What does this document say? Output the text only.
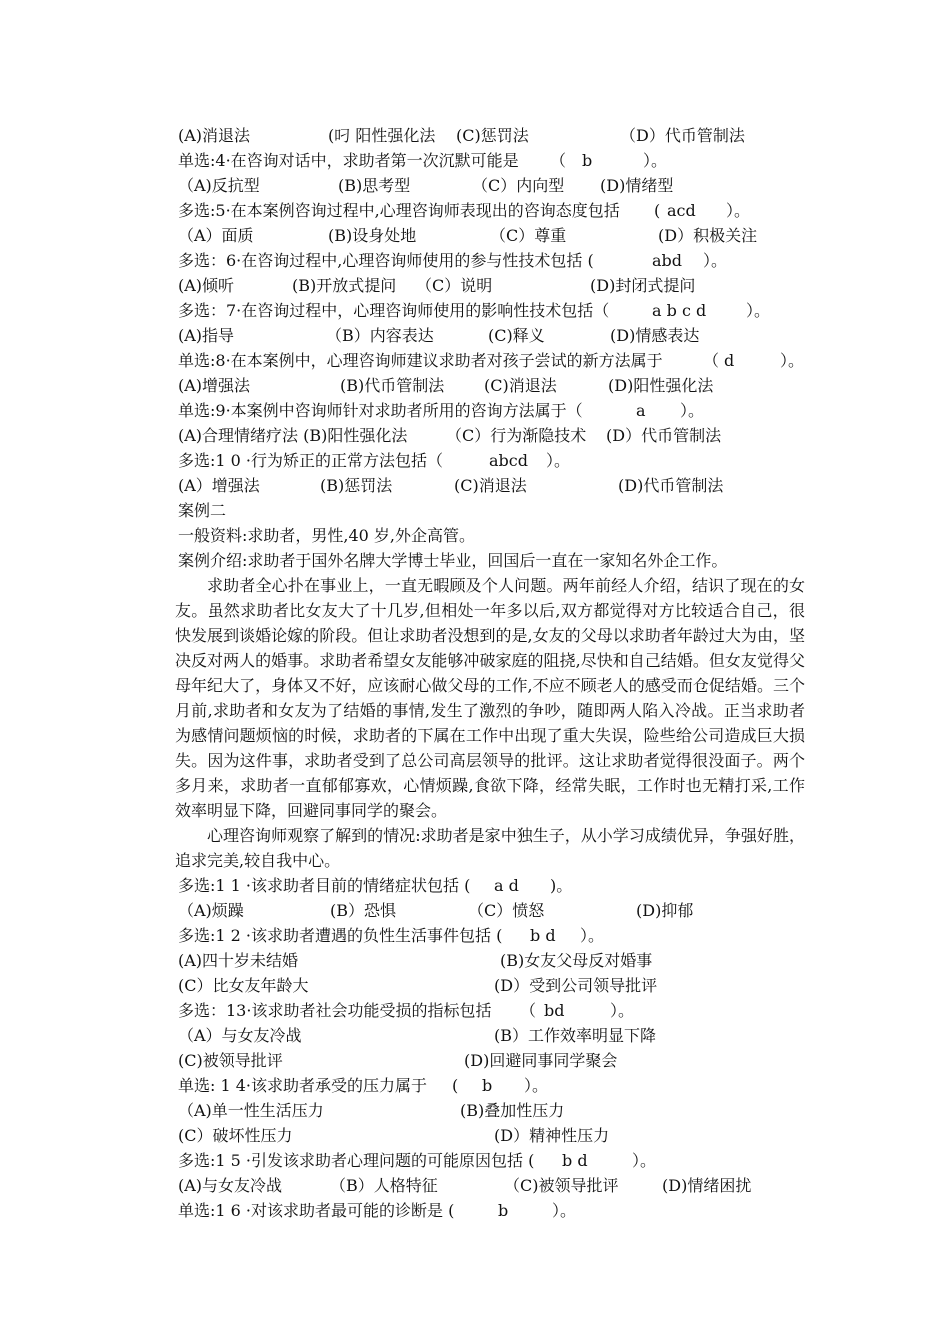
(A)消退法	(叼 阳性强化法 (C)惩罚法	（D）代币管制法
单选:4·在咨询对话中，求助者第一次沉默可能是 （ b	）。
（A)反抗型	(B)思考型	（C）内向型 (D)情绪型
多选:5·在本案例咨询过程中,心理咨询师表现出的咨询态度包括 ( acd ）。
（A）面质	(B)设身处地	（C）尊重	(D）积极关注
多选：6·在咨询过程中,心理咨询师使用的参与性技术包括 (	abd ）。
(A)倾听	(B)开放式提问 （C）说明	(D)封闭式提问
多选：7·在咨询过程中，心理咨询师使用的影响性技术包括（	a b c d ）。
(A)指导	（B）内容表达	(C)释义	(D)情感表达
单选:8·在本案例中，心理咨询师建议求助者对孩子尝试的新方法属于	（ d	）。
(A)增强法	(B)代币管制法 (C)消退法	(D)阳性强化法
单选:9·本案例中咨询师针对求助者所用的咨询方法属于（	a ）。
(A)合理情绪疗法 (B)阳性强化法 （C）行为渐隐技术 (D）代币管制法
多选:1 0 ·行为矫正的正常方法包括（	abcd ）。
(A）增强法	(B)惩罚法	(C)消退法	(D)代币管制法
案例二
一般资料:求助者，男性,40 岁,外企高管。
案例介绍:求助者于国外名牌大学博士毕业，回国后一直在一家知名外企工作。
求助者全心扑在事业上，一直无暇顾及个人问题。两年前经人介绍，结识了现在的女友。虽然求助者比女友大了十几岁,但相处一年多以后,双方都觉得对方比较适合自己，很快发展到谈婚论嫁的阶段。但让求助者没想到的是,女友的父母以求助者年龄过大为由，坚决反对两人的婚事。求助者希望女友能够冲破家庭的阻挠,尽快和自己结婚。但女友觉得父母年纪大了，身体又不好，应该耐心做父母的工作,不应不顾老人的感受而仓促结婚。三个月前,求助者和女友为了结婚的事情,发生了激烈的争吵，随即两人陷入冷战。正当求助者为感情问题烦恼的时候，求助者的下属在工作中出现了重大失误，险些给公司造成巨大损失。因为这件事，求助者受到了总公司高层领导的批评。这让求助者觉得很没面子。两个多月来，求助者一直郁郁寡欢，心情烦躁,食欲下降，经常失眠，工作时也无精打采,工作效率明显下降，回避同事同学的聚会。
心理咨询师观察了解到的情况:求助者是家中独生子，从小学习成绩优异，争强好胜，追求完美,较自我中心。
多选:1 1 ·该求助者目前的情绪症状包括 ( a d )。
（A)烦躁	(B）恐惧	（C）愤怒	(D)抑郁
多选:1 2 ·该求助者遭遇的负性生活事件包括 ( b d ）。
(A)四十岁未结婚	(B)女友父母反对婚事
(C）比女友年龄大	(D）受到公司领导批评
多选：13·该求助者社会功能受损的指标包括 （ bd	）。
（A）与女友冷战	(B）工作效率明显下降
(C)被领导批评	(D)回避同事同学聚会
单选: 1 4·该求助者承受的压力属于 ( b ）。
（A)单一性生活压力	(B)叠加性压力
(C）破坏性压力	(D）精神性压力
多选:1 5 ·引发该求助者心理问题的可能原因包括 ( b d	）。
(A)与女友冷战	（B）人格特征	（C)被领导批评	(D)情绪困扰
单选:1 6 ·对该求助者最可能的诊断是 (	b	）。
